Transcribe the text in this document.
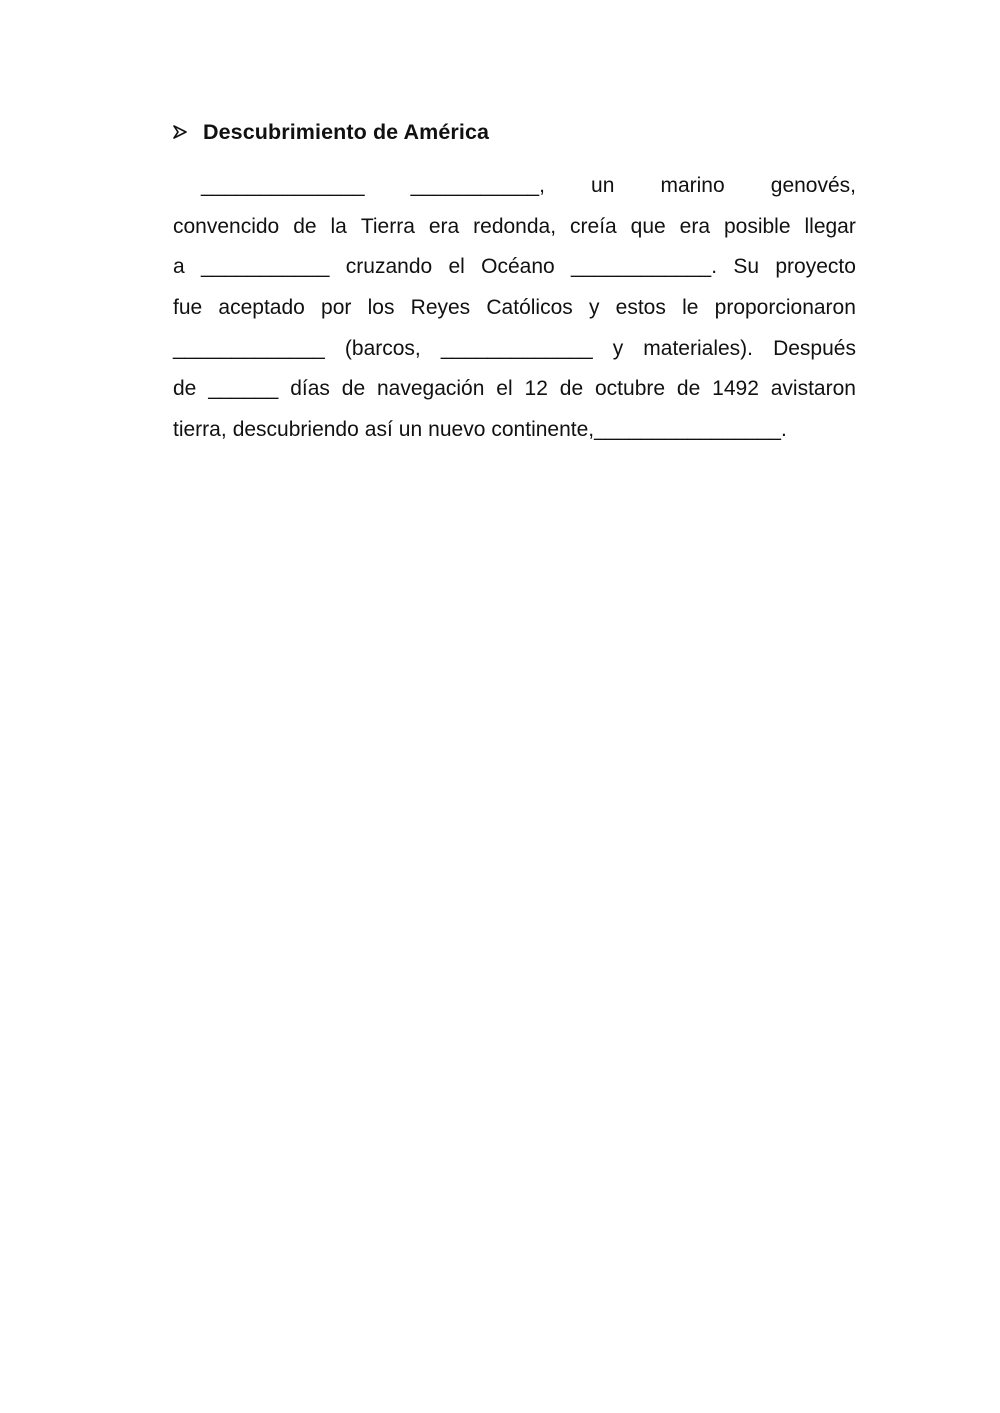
Descubrimiento de América
______________ ___________, un marino genovés,
convencido de la Tierra era redonda, creía que era posible llegar
a ___________ cruzando el Océano ____________. Su proyecto
fue aceptado por los Reyes Católicos y estos le proporcionaron
_____________ (barcos, _____________ y materiales). Después
de ______ días de navegación el 12 de octubre de 1492 avistaron
tierra, descubriendo así un nuevo continente,________________.
